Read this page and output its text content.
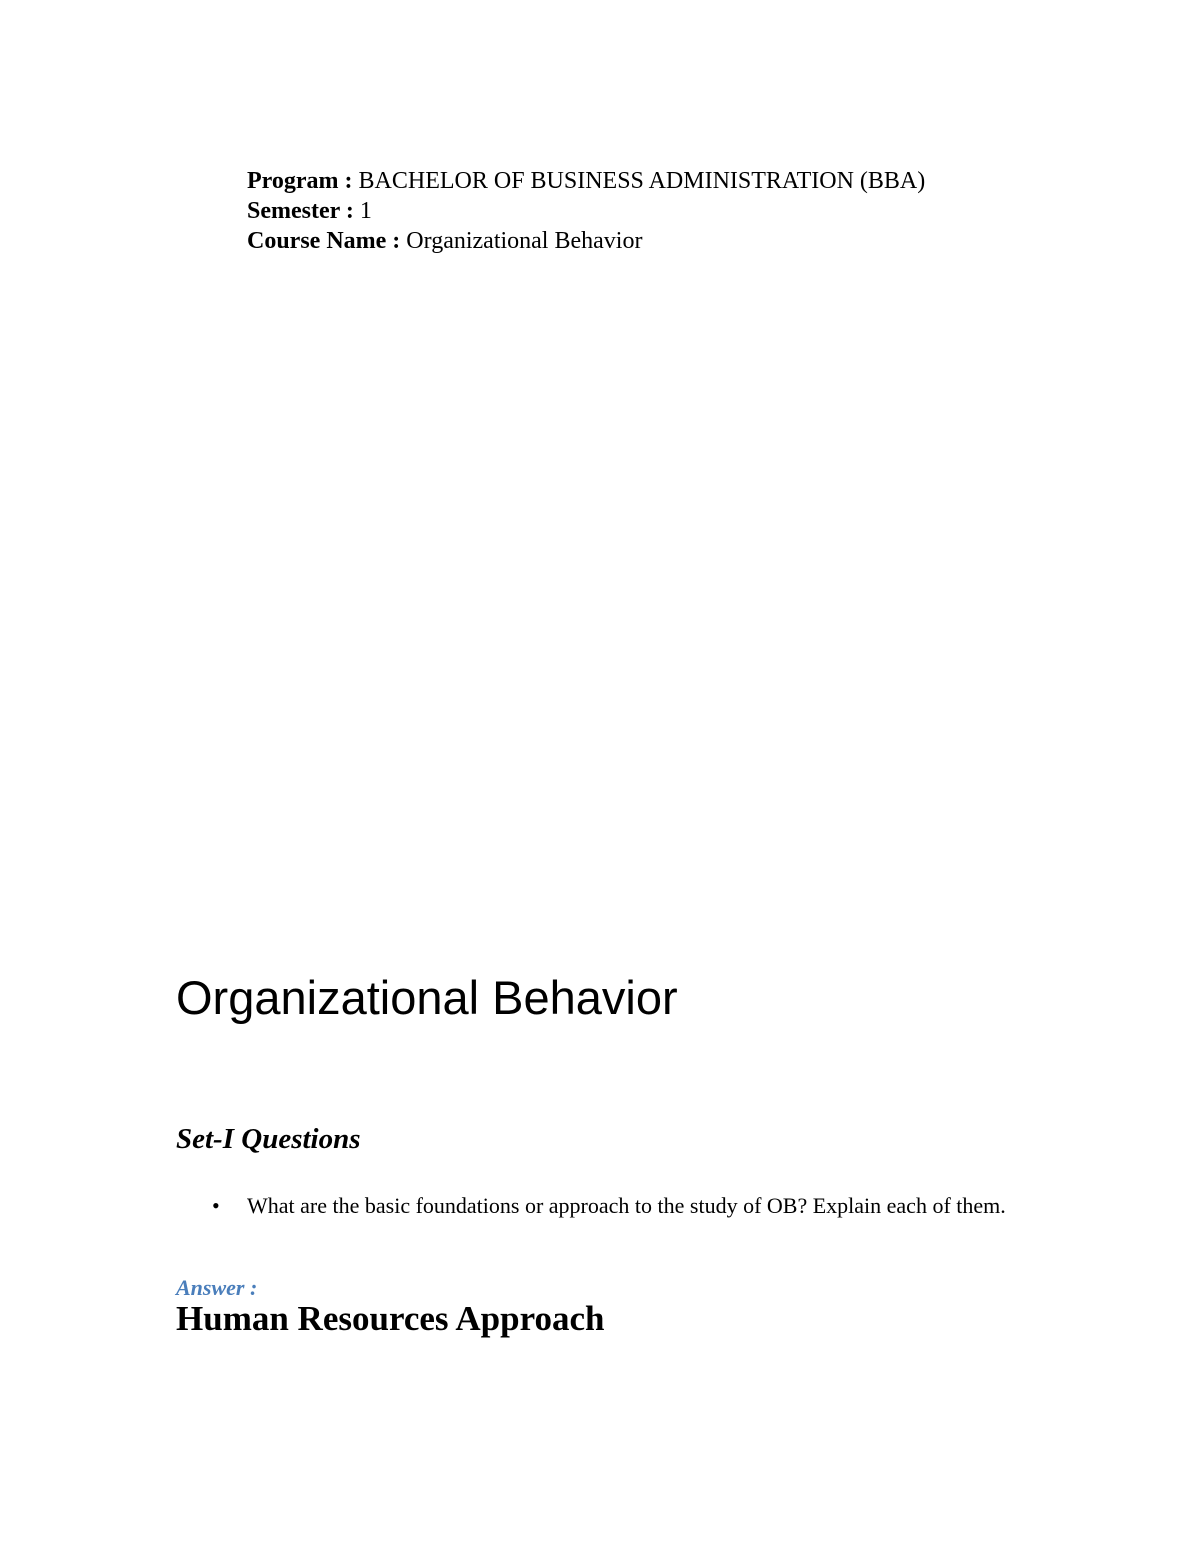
Program : BACHELOR OF BUSINESS ADMINISTRATION (BBA)
Semester : 1
Course Name : Organizational Behavior
Organizational Behavior
Set-I Questions
• What are the basic foundations or approach to the study of OB? Explain each of them.
Answer :
Human Resources Approach
